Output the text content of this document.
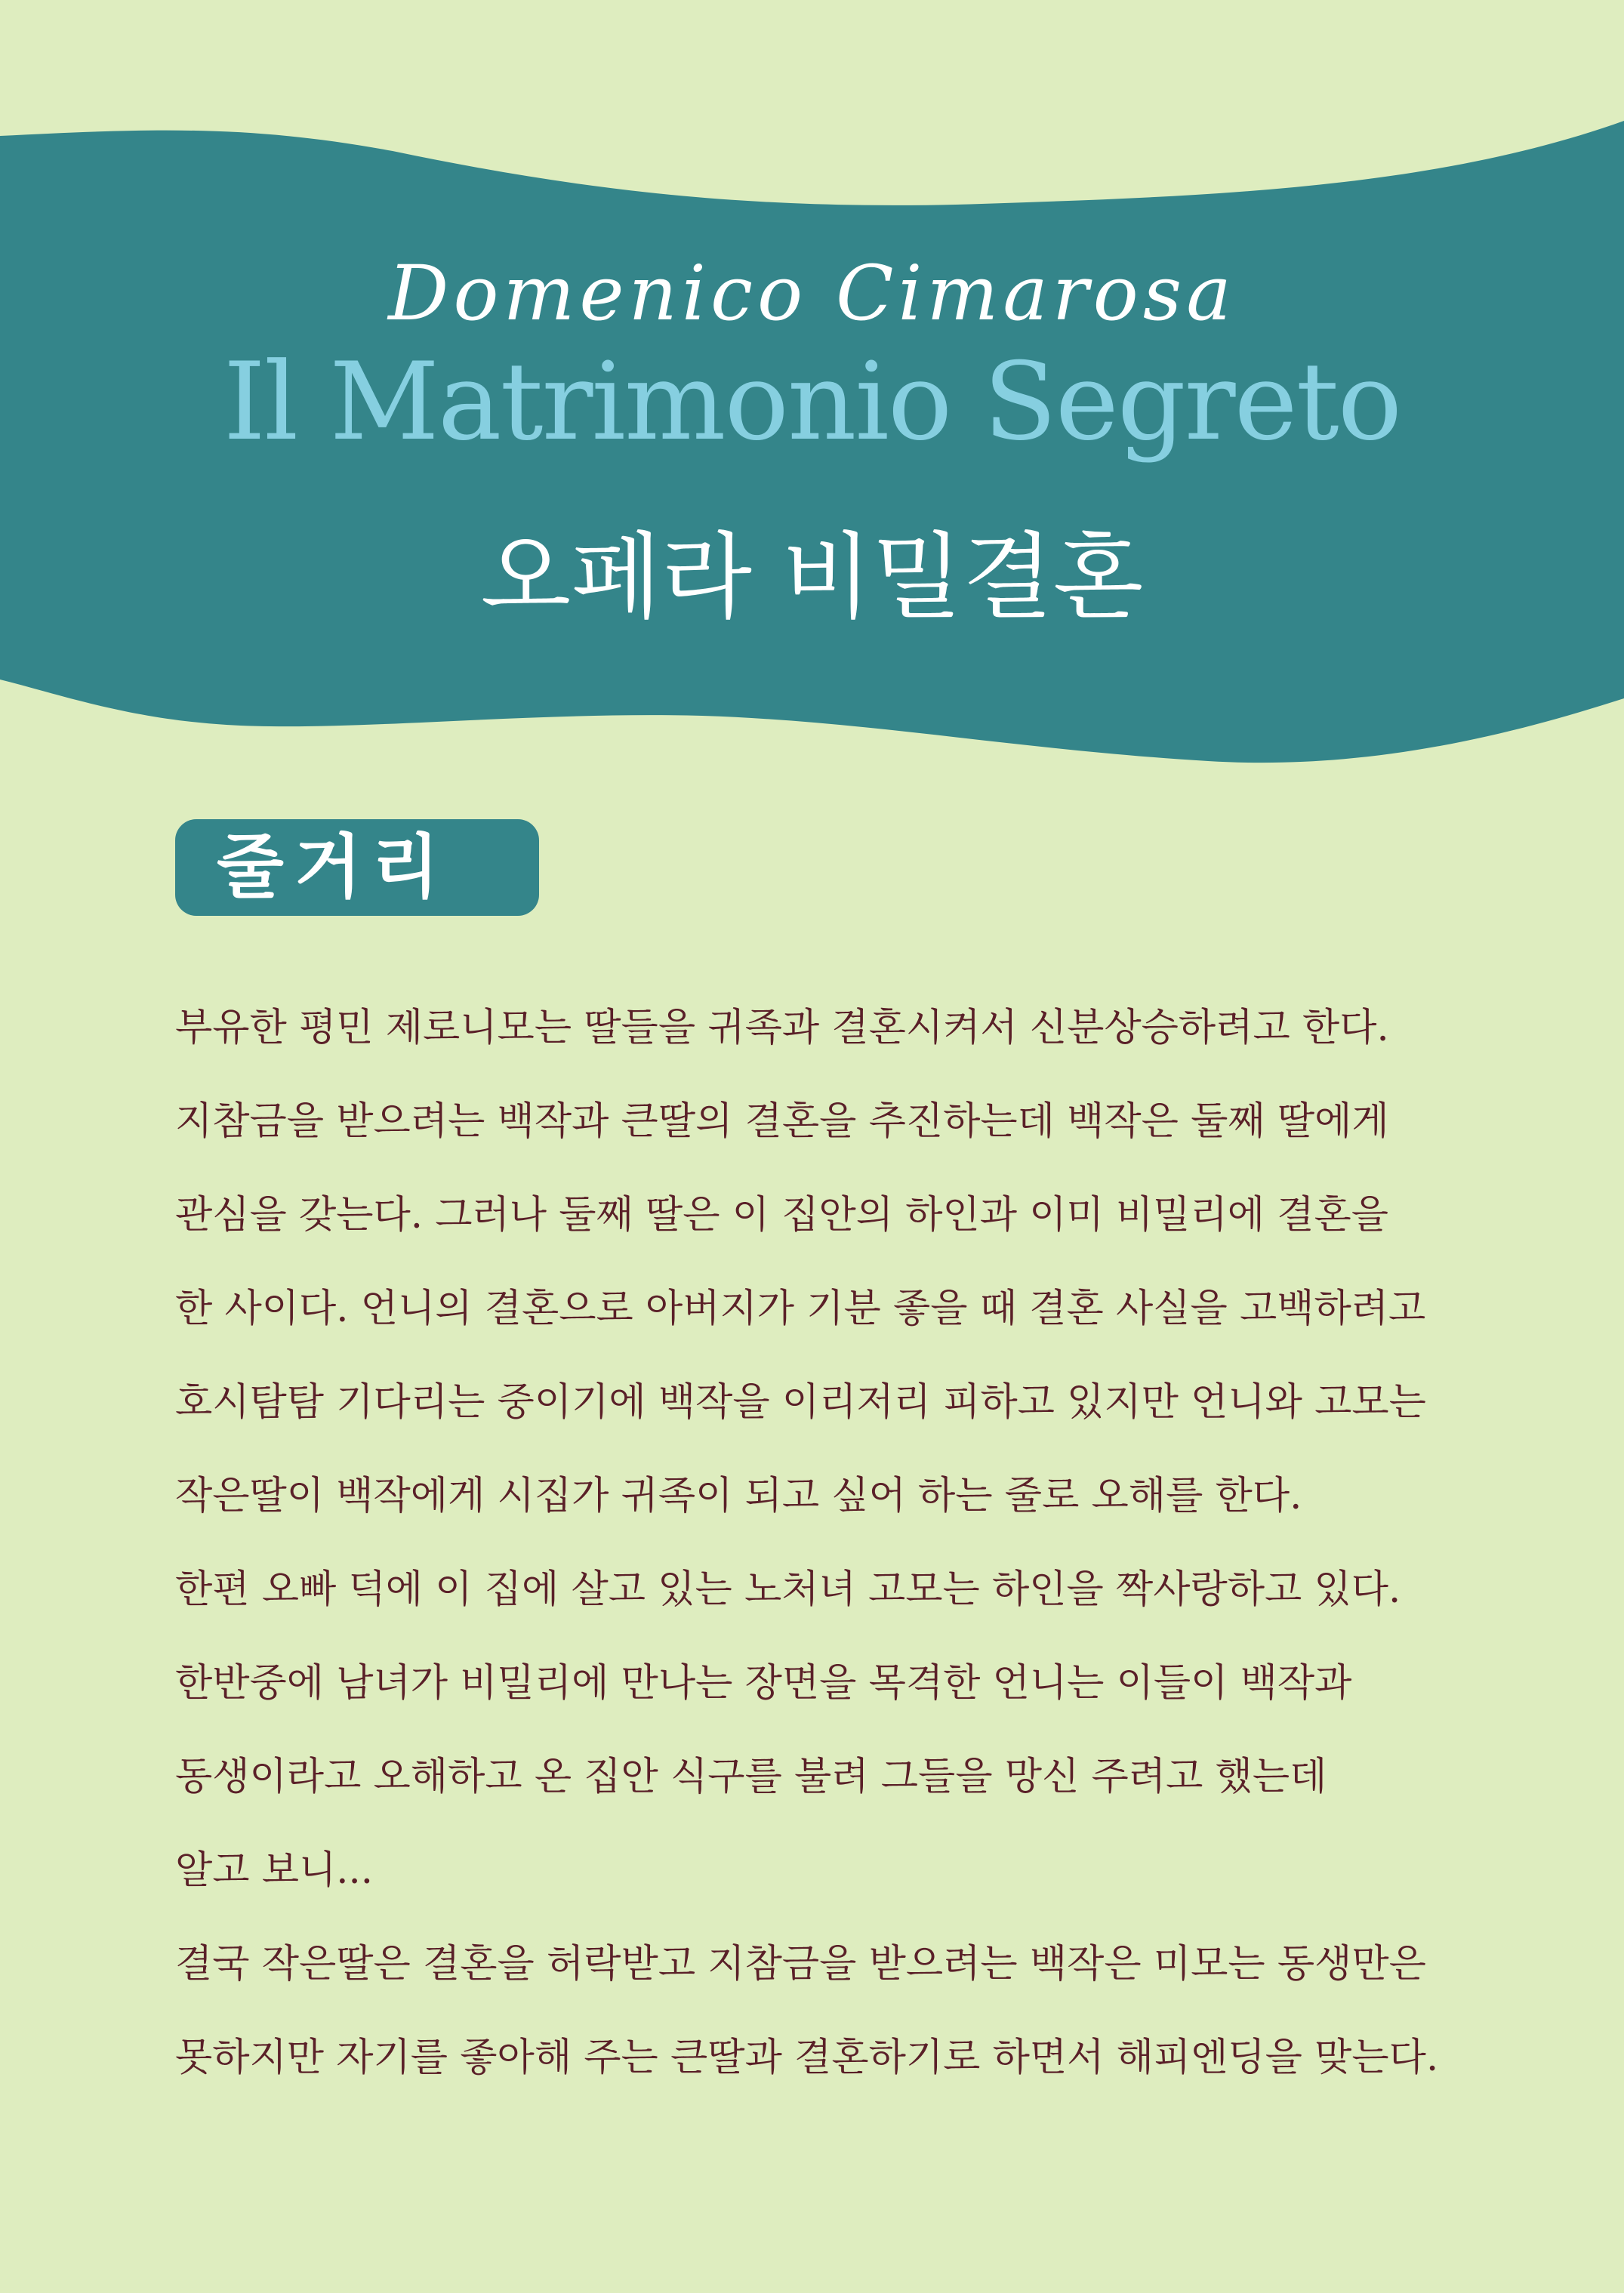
Domenico Cimarosa
Il Matrimonio Segreto
오페라 비밀결혼
줄거리
부유한 평민 제로니모는 딸들을 귀족과 결혼시켜서 신분상승하려고 한다.
지참금을 받으려는 백작과 큰딸의 결혼을 추진하는데 백작은 둘째 딸에게
관심을 갖는다. 그러나 둘째 딸은 이 집안의 하인과 이미 비밀리에 결혼을
한 사이다. 언니의 결혼으로 아버지가 기분 좋을 때 결혼 사실을 고백하려고
호시탐탐 기다리는 중이기에 백작을 이리저리 피하고 있지만 언니와 고모는
작은딸이 백작에게 시집가 귀족이 되고 싶어 하는 줄로 오해를 한다.
한편 오빠 덕에 이 집에 살고 있는 노처녀 고모는 하인을 짝사랑하고 있다.
한반중에 남녀가 비밀리에 만나는 장면을 목격한 언니는 이들이 백작과
동생이라고 오해하고 온 집안 식구를 불려 그들을 망신 주려고 했는데
알고 보니...
결국 작은딸은 결혼을 허락받고 지참금을 받으려는 백작은 미모는 동생만은
못하지만 자기를 좋아해 주는 큰딸과 결혼하기로 하면서 해피엔딩을 맞는다.
